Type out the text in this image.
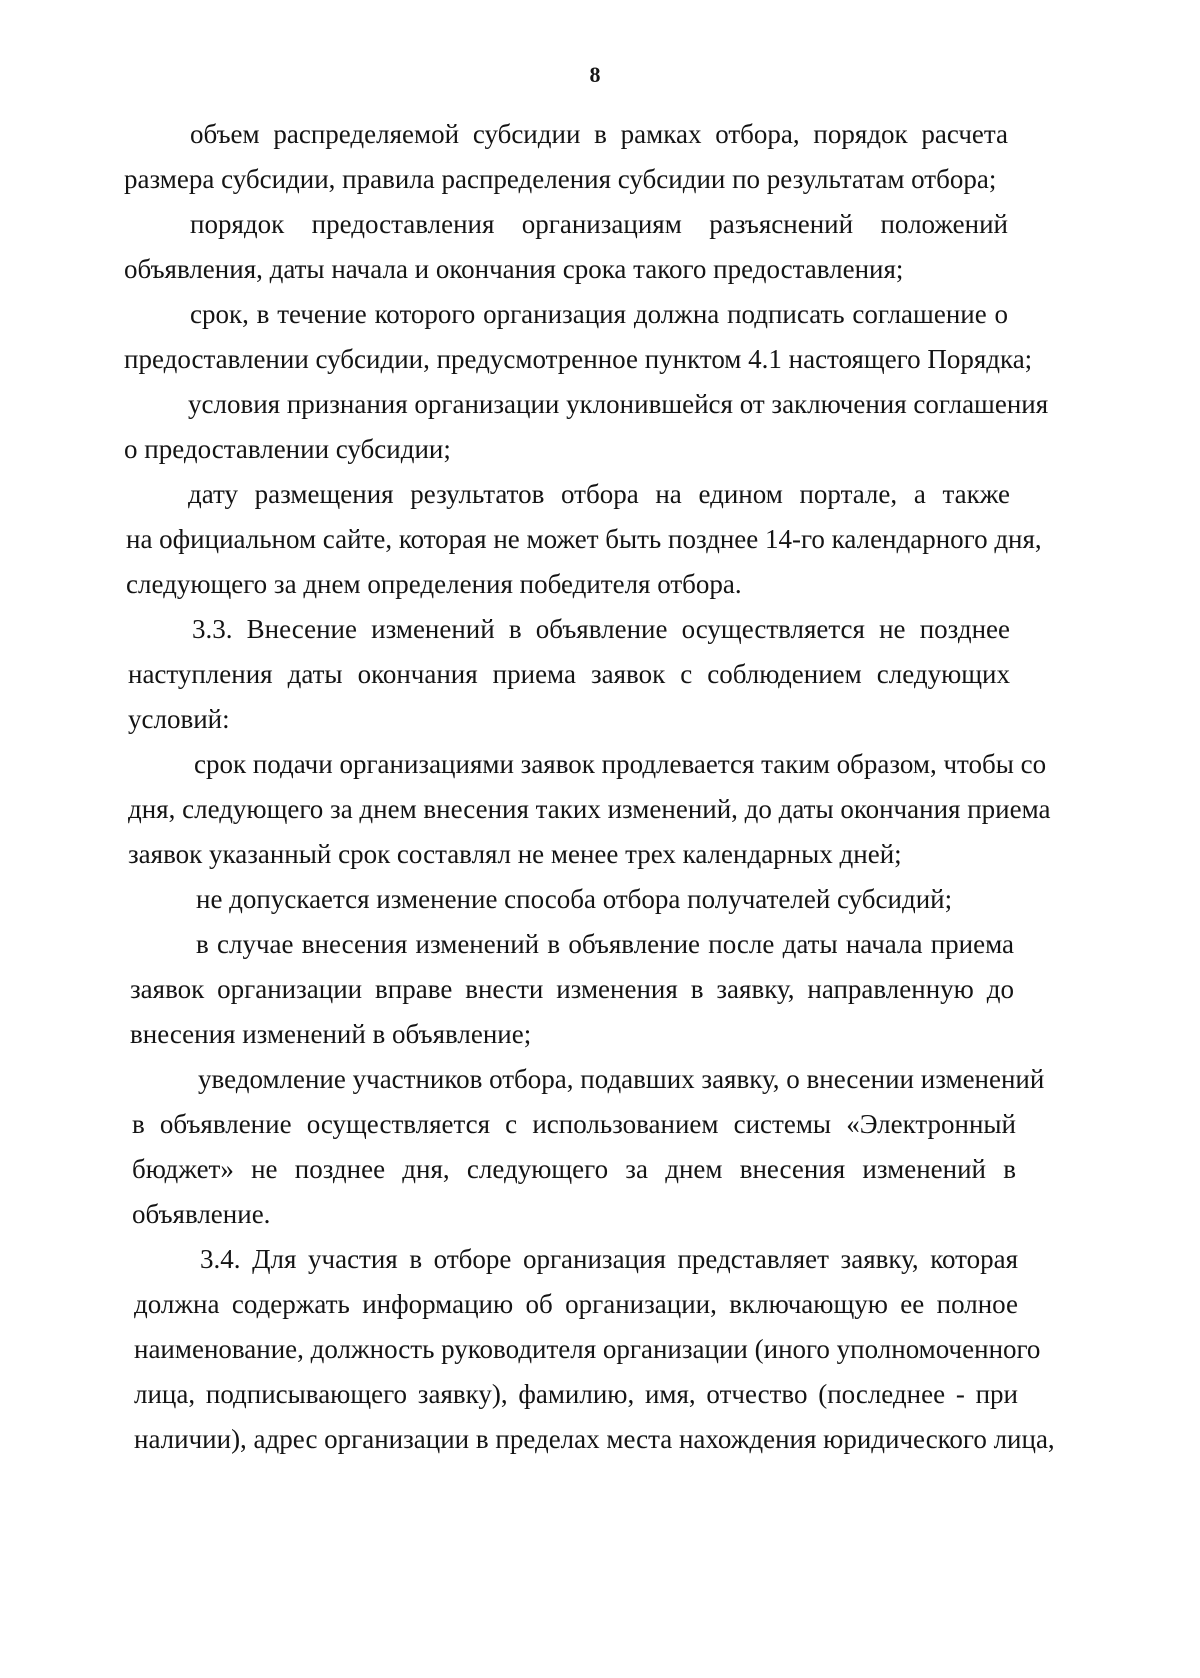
8
объем распределяемой субсидии в рамках отбора, порядок расчета
размера субсидии, правила распределения субсидии по результатам отбора;
порядок предоставления организациям разъяснений положений
объявления, даты начала и окончания срока такого предоставления;
срок, в течение которого организация должна подписать соглашение о
предоставлении субсидии, предусмотренное пунктом 4.1 настоящего Порядка;
условия признания организации уклонившейся от заключения соглашения
о предоставлении субсидии;
дату размещения результатов отбора на едином портале, а также
на официальном сайте, которая не может быть позднее 14-го календарного дня,
следующего за днем определения победителя отбора.
3.3. Внесение изменений в объявление осуществляется не позднее
наступления даты окончания приема заявок с соблюдением следующих
условий:
срок подачи организациями заявок продлевается таким образом, чтобы со
дня, следующего за днем внесения таких изменений, до даты окончания приема
заявок указанный срок составлял не менее трех календарных дней;
не допускается изменение способа отбора получателей субсидий;
в случае внесения изменений в объявление после даты начала приема
заявок организации вправе внести изменения в заявку, направленную до
внесения изменений в объявление;
уведомление участников отбора, подавших заявку, о внесении изменений
в объявление осуществляется с использованием системы «Электронный
бюджет» не позднее дня, следующего за днем внесения изменений в
объявление.
3.4. Для участия в отборе организация представляет заявку, которая
должна содержать информацию об организации, включающую ее полное
наименование, должность руководителя организации (иного уполномоченного
лица, подписывающего заявку), фамилию, имя, отчество (последнее - при
наличии), адрес организации в пределах места нахождения юридического лица,
